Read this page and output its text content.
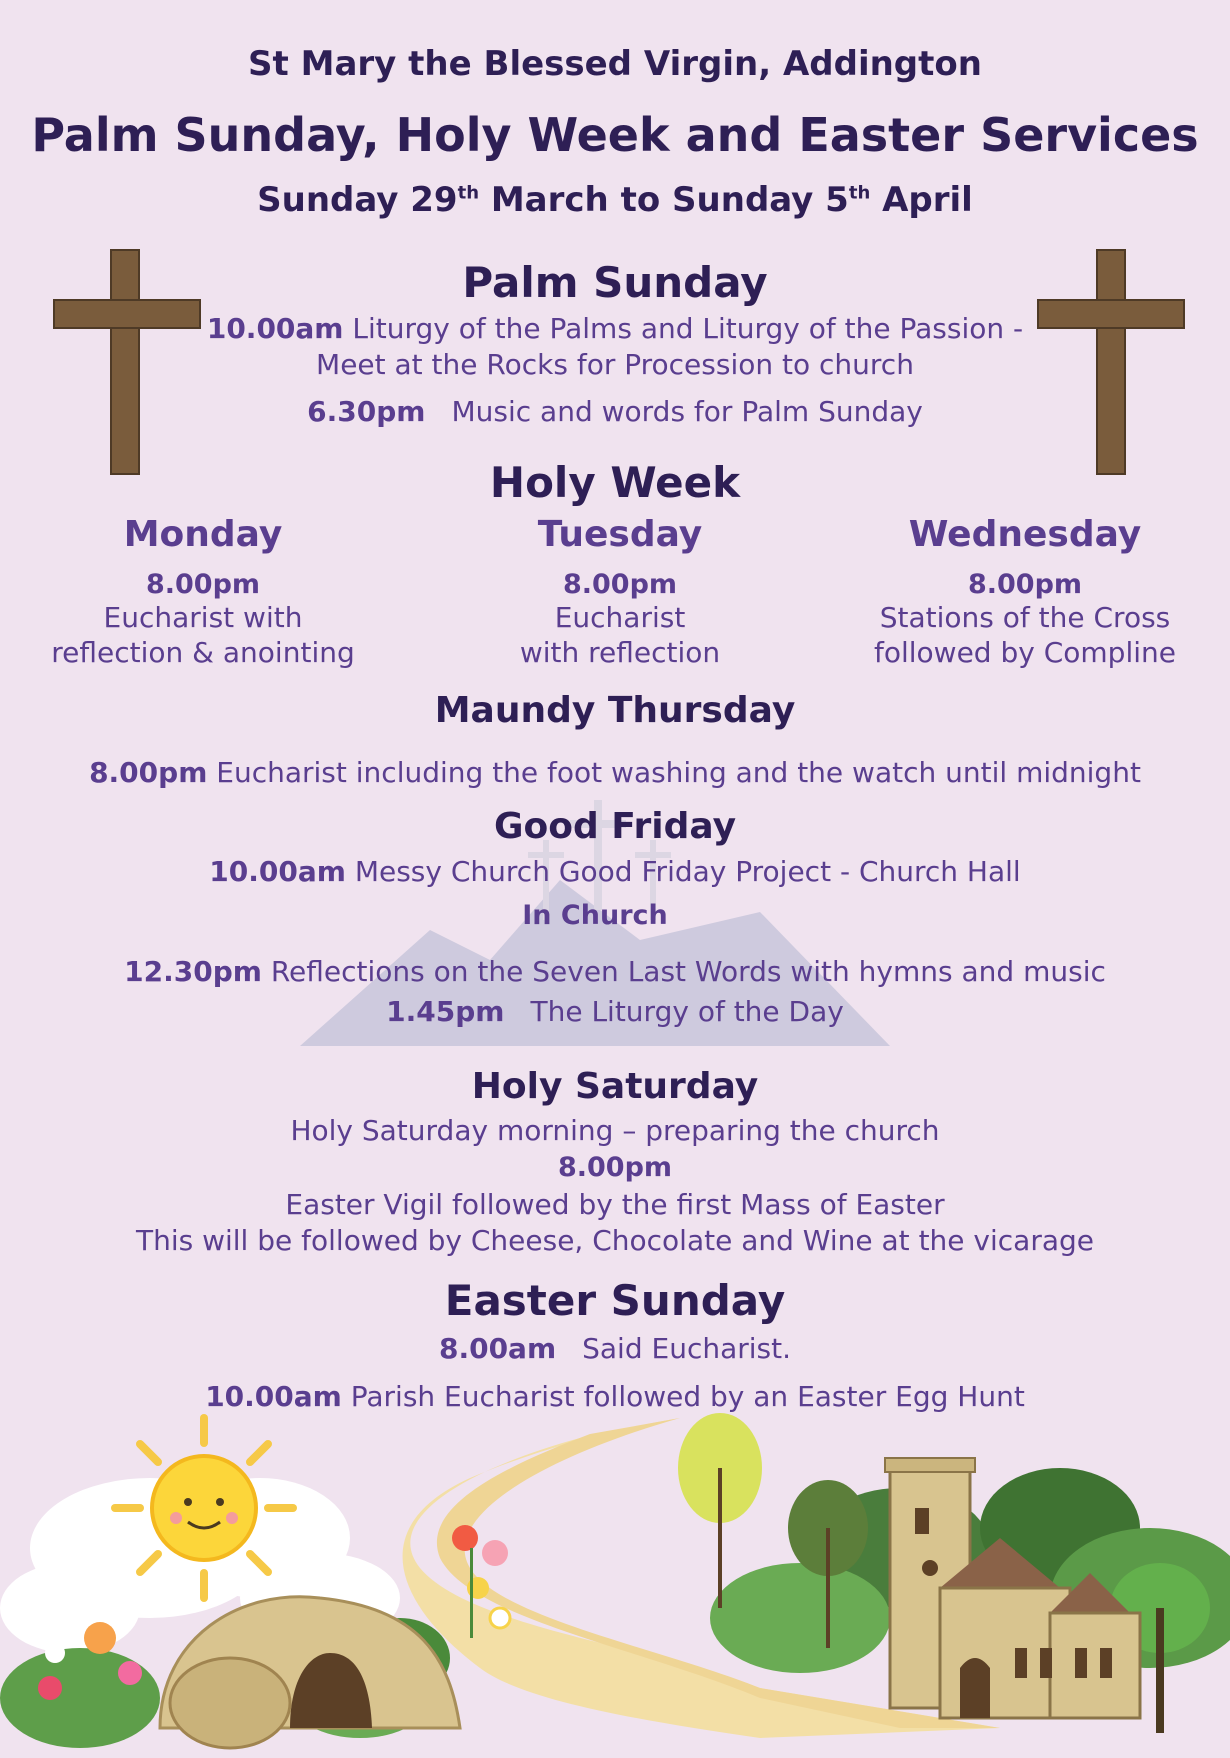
St Mary the Blessed Virgin, Addington
Palm Sunday, Holy Week and Easter Services
Sunday 29th March to Sunday 5th April
Palm Sunday
10.00am Liturgy of the Palms and Liturgy of the Passion -
Meet at the Rocks for Procession to church
6.30pm Music and words for Palm Sunday
Holy Week
Monday
8.00pm
Eucharist with
reflection & anointing
Tuesday
8.00pm
Eucharist
with reflection
Wednesday
8.00pm
Stations of the Cross
followed by Compline
Maundy Thursday
8.00pm Eucharist including the foot washing and the watch until midnight
Good Friday
10.00am Messy Church Good Friday Project - Church Hall
In Church
12.30pm Reflections on the Seven Last Words with hymns and music
1.45pm The Liturgy of the Day
Holy Saturday
Holy Saturday morning – preparing the church
8.00pm
Easter Vigil followed by the first Mass of Easter
This will be followed by Cheese, Chocolate and Wine at the vicarage
Easter Sunday
8.00am Said Eucharist.
10.00am Parish Eucharist followed by an Easter Egg Hunt
